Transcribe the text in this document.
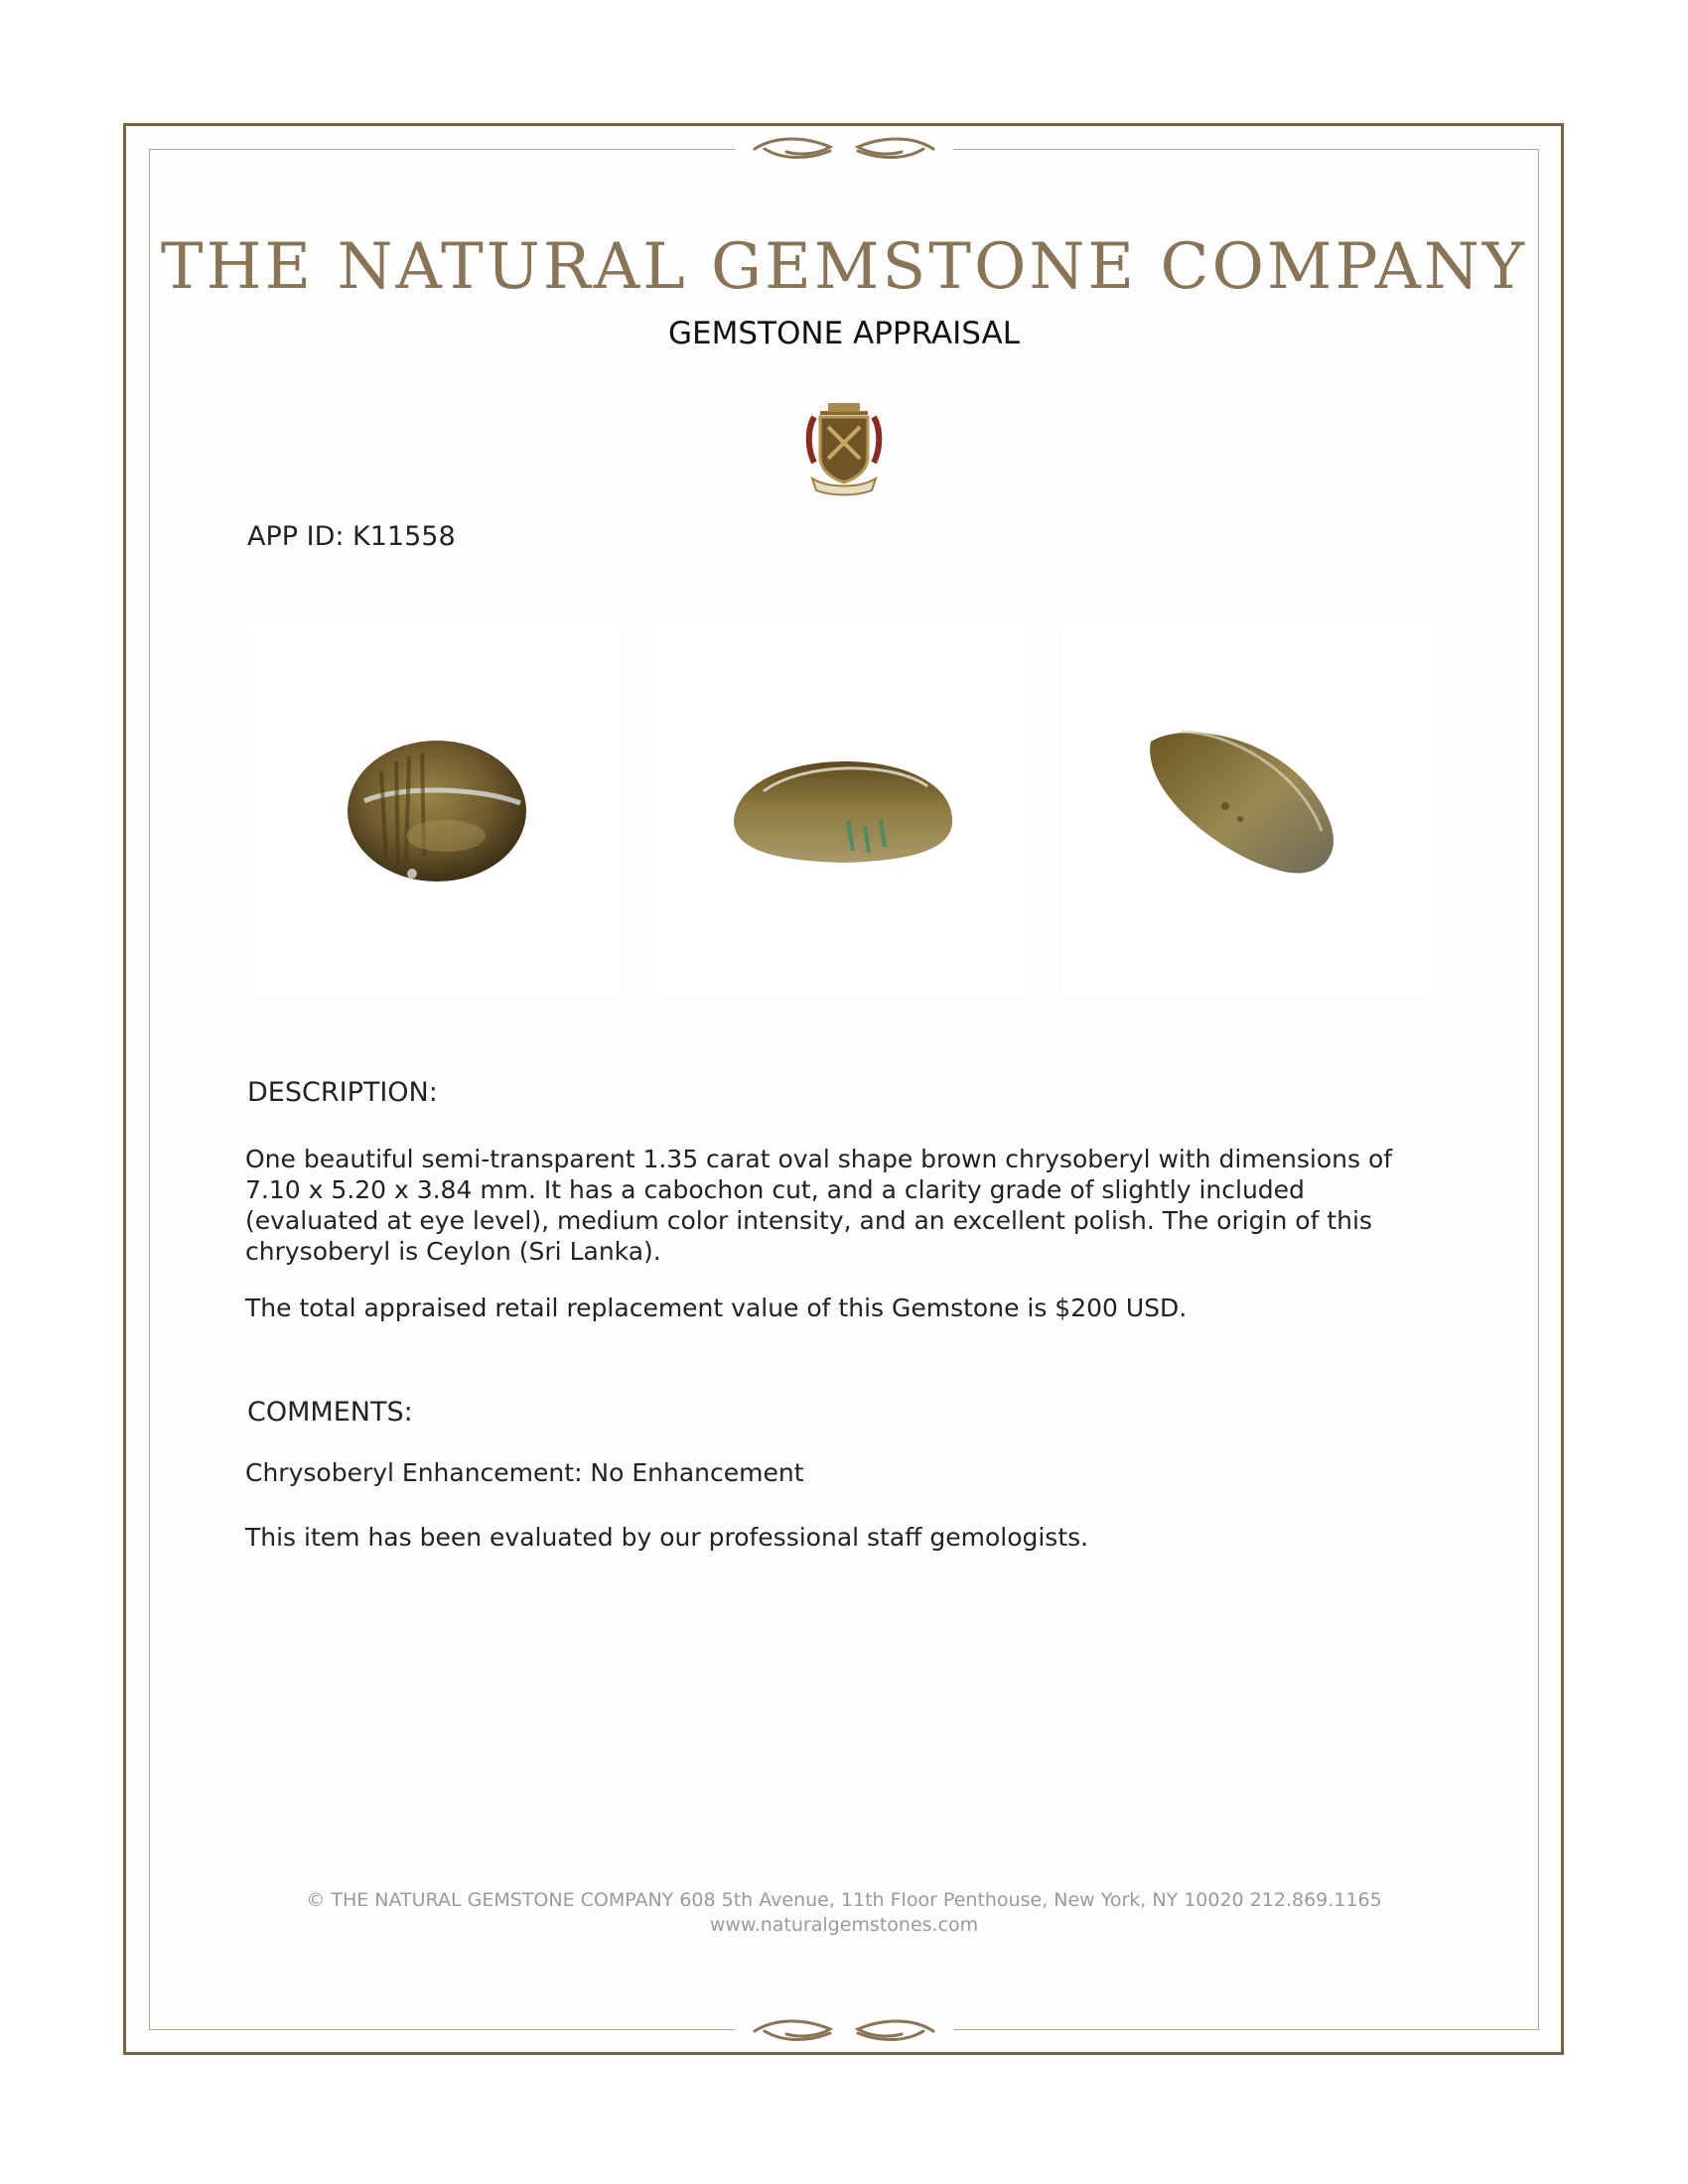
THE NATURAL GEMSTONE COMPANY
GEMSTONE APPRAISAL
APP ID: K11558
DESCRIPTION:
One beautiful semi-transparent 1.35 carat oval shape brown chrysoberyl with dimensions of 7.10 x 5.20 x 3.84 mm. It has a cabochon cut, and a clarity grade of slightly included (evaluated at eye level), medium color intensity, and an excellent polish. The origin of this chrysoberyl is Ceylon (Sri Lanka).
The total appraised retail replacement value of this Gemstone is $200 USD.
COMMENTS:
Chrysoberyl Enhancement: No Enhancement
This item has been evaluated by our professional staff gemologists.
© THE NATURAL GEMSTONE COMPANY 608 5th Avenue, 11th Floor Penthouse, New York, NY 10020 212.869.1165
www.naturalgemstones.com
